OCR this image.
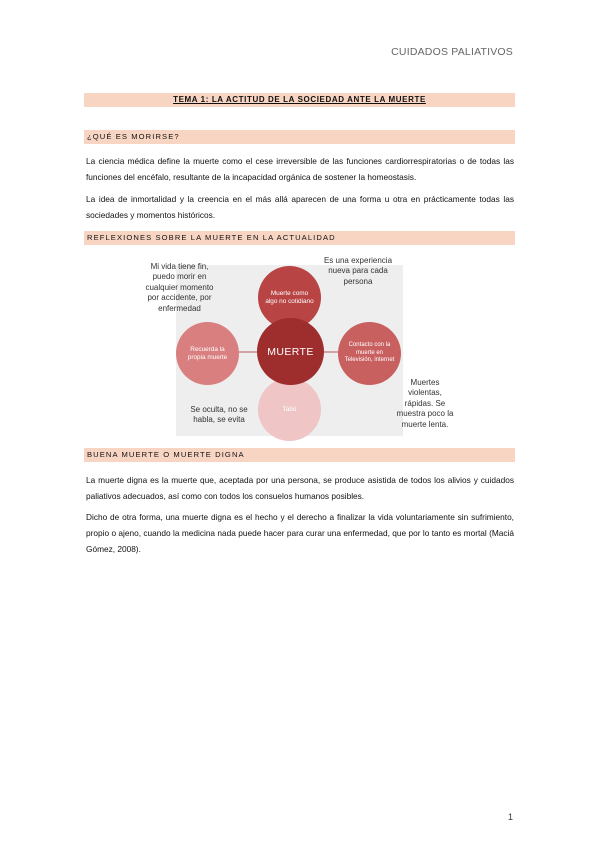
CUIDADOS PALIATIVOS
TEMA 1: LA ACTITUD DE LA SOCIEDAD ANTE LA MUERTE
¿QUÉ ES MORIRSE?
La ciencia médica define la muerte como el cese irreversible de las funciones cardiorrespiratorias o de todas las funciones del encéfalo, resultante de la incapacidad orgánica de sostener la homeostasis.
La idea de inmortalidad y la creencia en el más allá aparecen de una forma u otra en prácticamente todas las sociedades y momentos históricos.
REFLEXIONES SOBRE LA MUERTE EN LA ACTUALIDAD
Muerte como algo no cotidiano
Recuerda la propia muerte
Contacto con la muerte en Televisión, internet
Tabú
MUERTE
Mi vida tiene fin, puedo morir en cualquier momento por accidente, por enfermedad
Es una experiencia nueva para cada persona
Muertes violentas, rápidas. Se muestra poco la muerte lenta.
Se oculta, no se habla, se evita
BUENA MUERTE O MUERTE DIGNA
La muerte digna es la muerte que, aceptada por una persona, se produce asistida de todos los alivios y cuidados paliativos adecuados, así como con todos los consuelos humanos posibles.
Dicho de otra forma, una muerte digna es el hecho y el derecho a finalizar la vida voluntariamente sin sufrimiento, propio o ajeno, cuando la medicina nada puede hacer para curar una enfermedad, que por lo tanto es mortal (Maciá Gómez, 2008).
1
